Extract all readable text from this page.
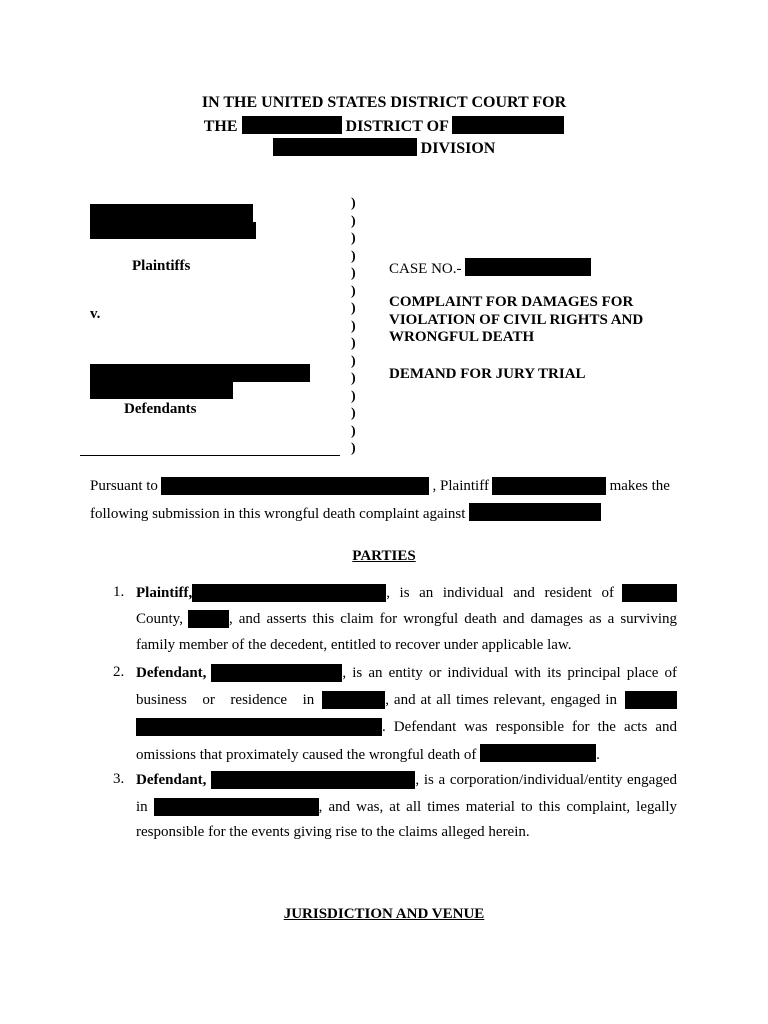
IN THE UNITED STATES DISTRICT COURT FOR
THE	DISTRICT OF
DIVISION
Plaintiffs
v.
Defendants
)
)
)
)
)
)
)
)
)
)
)
)
)
)
)
CASE NO.-
COMPLAINT FOR DAMAGES FOR
VIOLATION OF CIVIL RIGHTS AND
WRONGFUL DEATH
DEMAND FOR JURY TRIAL
Pursuant to	, Plaintiff	makes the
following submission in this wrongful death complaint against
PARTIES
1. Plaintiff,	, is an individual and resident of
County,	, and asserts this claim for wrongful death and damages as a surviving
family member of the decedent, entitled to recover under applicable law.
2. Defendant,	, is an entity or individual with its principal place of
business or residence in	, and at all times relevant, engaged in
. Defendant was responsible for the acts and
omissions that proximately caused the wrongful death of	.
3. Defendant,	, is a corporation/individual/entity engaged
in	, and was, at all times material to this complaint, legally
responsible for the events giving rise to the claims alleged herein.
JURISDICTION AND VENUE
